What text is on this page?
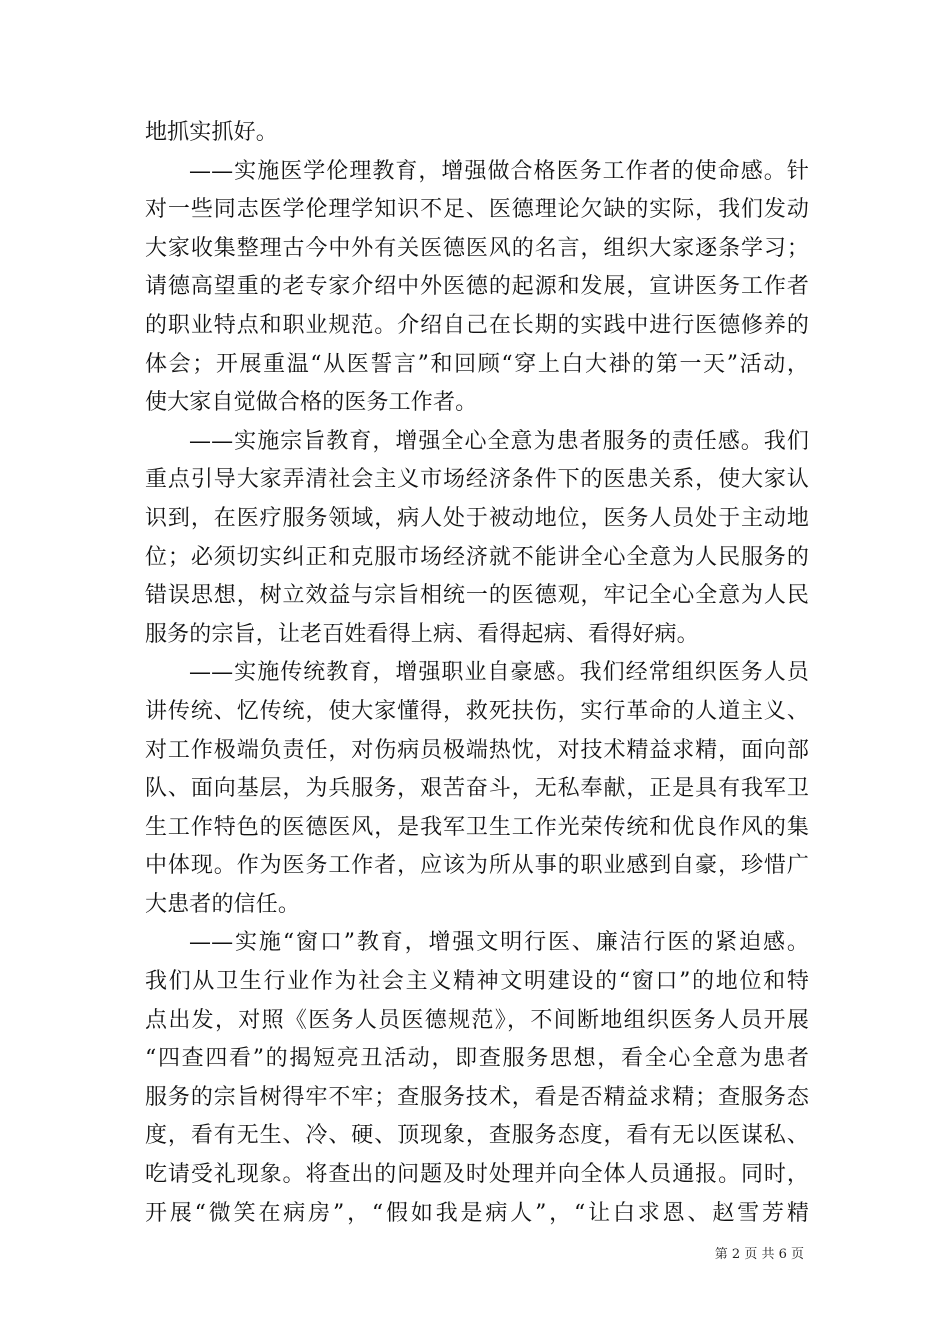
地抓实抓好。
——实施医学伦理教育，增强做合格医务工作者的使命感。针
对一些同志医学伦理学知识不足、医德理论欠缺的实际，我们发动
大家收集整理古今中外有关医德医风的名言，组织大家逐条学习；
请德高望重的老专家介绍中外医德的起源和发展，宣讲医务工作者
的职业特点和职业规范。介绍自己在长期的实践中进行医德修养的
体会；开展重温“从医誓言”和回顾“穿上白大褂的第一天”活动，
使大家自觉做合格的医务工作者。
——实施宗旨教育，增强全心全意为患者服务的责任感。我们
重点引导大家弄清社会主义市场经济条件下的医患关系，使大家认
识到，在医疗服务领域，病人处于被动地位，医务人员处于主动地
位；必须切实纠正和克服市场经济就不能讲全心全意为人民服务的
错误思想，树立效益与宗旨相统一的医德观，牢记全心全意为人民
服务的宗旨，让老百姓看得上病、看得起病、看得好病。
——实施传统教育，增强职业自豪感。我们经常组织医务人员
讲传统、忆传统，使大家懂得，救死扶伤，实行革命的人道主义、
对工作极端负责任，对伤病员极端热忱，对技术精益求精，面向部
队、面向基层，为兵服务，艰苦奋斗，无私奉献，正是具有我军卫
生工作特色的医德医风，是我军卫生工作光荣传统和优良作风的集
中体现。作为医务工作者，应该为所从事的职业感到自豪，珍惜广
大患者的信任。
——实施“窗口”教育，增强文明行医、廉洁行医的紧迫感。
我们从卫生行业作为社会主义精神文明建设的“窗口”的地位和特
点出发，对照《医务人员医德规范》，不间断地组织医务人员开展
“四查四看”的揭短亮丑活动，即查服务思想，看全心全意为患者
服务的宗旨树得牢不牢；查服务技术，看是否精益求精；查服务态
度，看有无生、冷、硬、顶现象，查服务态度，看有无以医谋私、
吃请受礼现象。将查出的问题及时处理并向全体人员通报。同时，
开展“微笑在病房”，“假如我是病人”，“让白求恩、赵雪芳精
第 2 页 共 6 页
